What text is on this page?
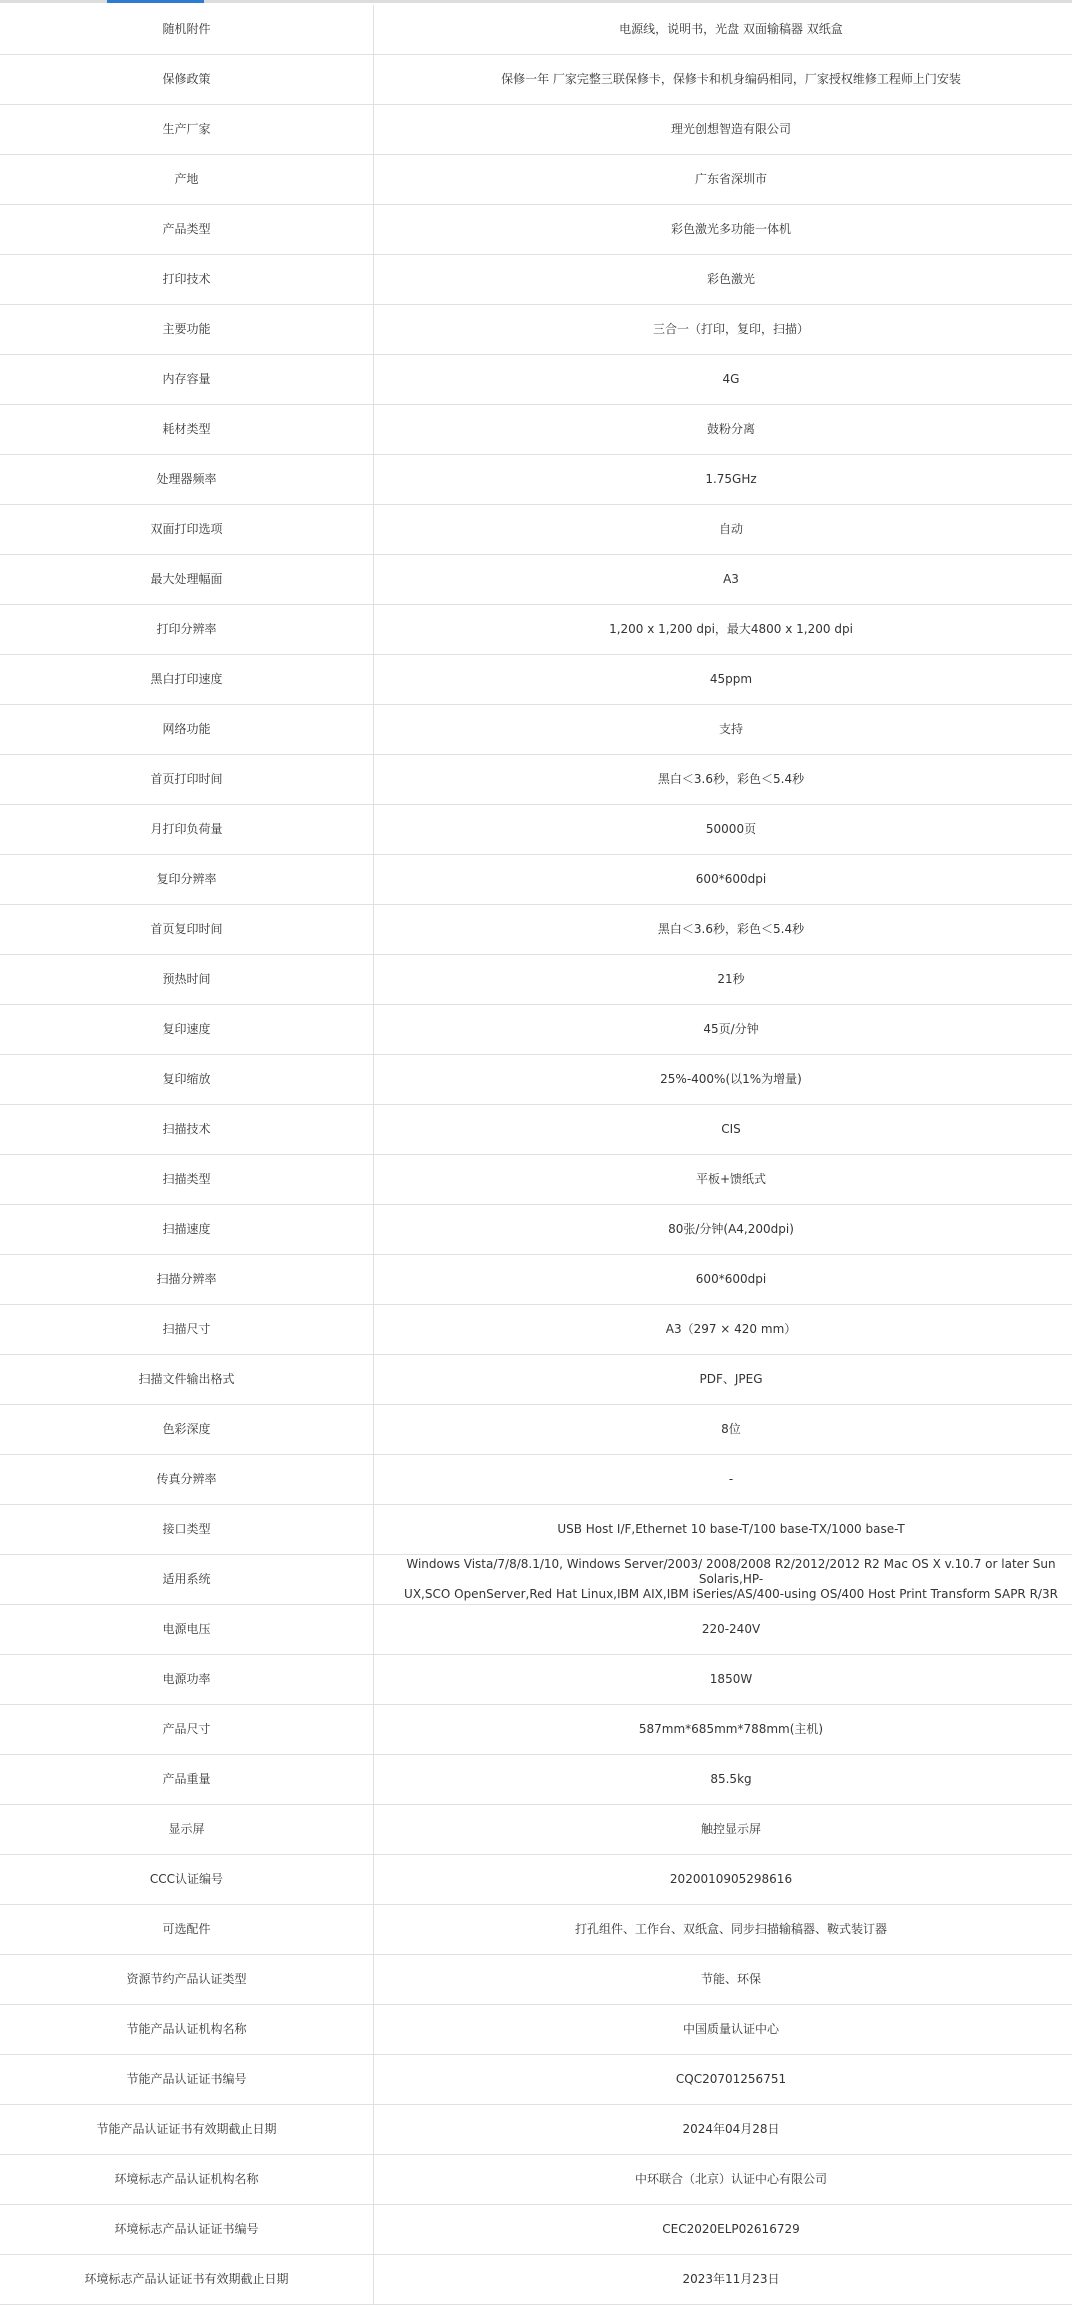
随机附件	电源线，说明书，光盘 双面输稿器 双纸盒
保修政策	保修一年 厂家完整三联保修卡，保修卡和机身编码相同，厂家授权维修工程师上门安装
生产厂家	理光创想智造有限公司
产地	广东省深圳市
产品类型	彩色激光多功能一体机
打印技术	彩色激光
主要功能	三合一（打印，复印，扫描）
内存容量	4G
耗材类型	鼓粉分离
处理器频率	1.75GHz
双面打印选项	自动
最大处理幅面	A3
打印分辨率	1,200 x 1,200 dpi，最大4800 x 1,200 dpi
黑白打印速度	45ppm
网络功能	支持
首页打印时间	黑白＜3.6秒，彩色＜5.4秒
月打印负荷量	50000页
复印分辨率	600*600dpi
首页复印时间	黑白＜3.6秒，彩色＜5.4秒
预热时间	21秒
复印速度	45页/分钟
复印缩放	25%-400%(以1%为增量)
扫描技术	CIS
扫描类型	平板+馈纸式
扫描速度	80张/分钟(A4,200dpi)
扫描分辨率	600*600dpi
扫描尺寸	A3（297 × 420 mm）
扫描文件输出格式	PDF、JPEG
色彩深度	8位
传真分辨率	-
接口类型	USB Host I/F,Ethernet 10 base-T/100 base-TX/1000 base-T
适用系统	Windows Vista/7/8/8.1/10, Windows Server/2003/ 2008/2008 R2/2012/2012 R2 Mac OS X v.10.7 or later Sun Solaris,HP-
UX,SCO OpenServer,Red Hat Linux,IBM AIX,IBM iSeries/AS/400-using OS/400 Host Print Transform SAPR R/3R
电源电压	220-240V
电源功率	1850W
产品尺寸	587mm*685mm*788mm(主机)
产品重量	85.5kg
显示屏	触控显示屏
CCC认证编号	2020010905298616
可选配件	打孔组件、工作台、双纸盒、同步扫描输稿器、鞍式装订器
资源节约产品认证类型	节能、环保
节能产品认证机构名称	中国质量认证中心
节能产品认证证书编号	CQC20701256751
节能产品认证证书有效期截止日期	2024年04月28日
环境标志产品认证机构名称	中环联合（北京）认证中心有限公司
环境标志产品认证证书编号	CEC2020ELP02616729
环境标志产品认证证书有效期截止日期	2023年11月23日
